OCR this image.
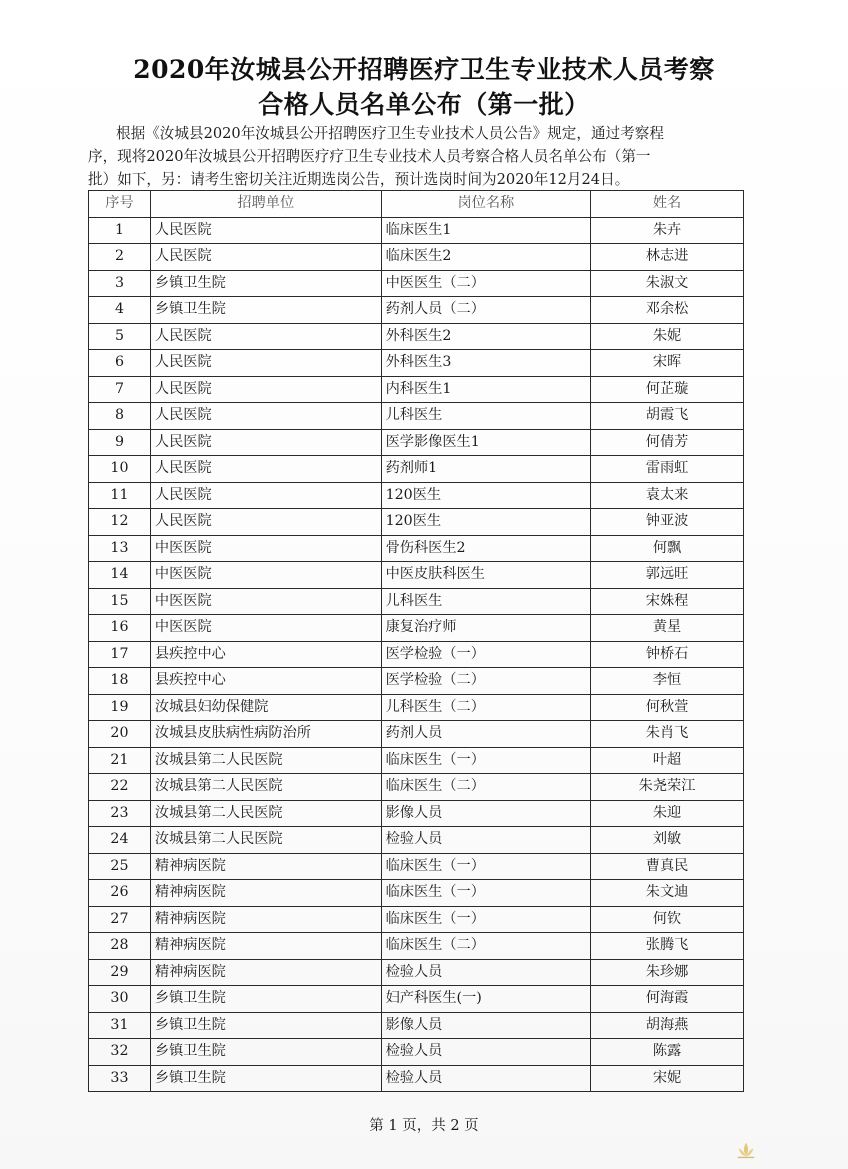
2020年汝城县公开招聘医疗卫生专业技术人员考察
合格人员名单公布（第一批）

根据《汝城县2020年汝城县公开招聘医疗卫生专业技术人员公告》规定，通过考察程

序，现将2020年汝城县公开招聘医疗疗卫生专业技术人员考察合格人员名单公布（第一

批）如下，另：请考生密切关注近期选岗公告，预计选岗时间为2020年12月24日。

序号	招聘单位	岗位名称	姓名
1	人民医院	临床医生1	朱卉
2	人民医院	临床医生2	林志进
3	乡镇卫生院	中医医生（二）	朱淑文
4	乡镇卫生院	药剂人员（二）	邓余松
5	人民医院	外科医生2	朱妮
6	人民医院	外科医生3	宋晖
7	人民医院	内科医生1	何芷璇
8	人民医院	儿科医生	胡霞飞
9	人民医院	医学影像医生1	何倩芳
10	人民医院	药剂师1	雷雨虹
11	人民医院	120医生	袁太来
12	人民医院	120医生	钟亚波
13	中医医院	骨伤科医生2	何飘
14	中医医院	中医皮肤科医生	郭远旺
15	中医医院	儿科医生	宋姝程
16	中医医院	康复治疗师	黄星
17	县疾控中心	医学检验（一）	钟桥石
18	县疾控中心	医学检验（二）	李恒
19	汝城县妇幼保健院	儿科医生（二）	何秋萱
20	汝城县皮肤病性病防治所	药剂人员	朱肖飞
21	汝城县第二人民医院	临床医生（一）	叶超
22	汝城县第二人民医院	临床医生（二）	朱尧荣江
23	汝城县第二人民医院	影像人员	朱迎
24	汝城县第二人民医院	检验人员	刘敏
25	精神病医院	临床医生（一）	曹真民
26	精神病医院	临床医生（一）	朱文迪
27	精神病医院	临床医生（一）	何钦
28	精神病医院	临床医生（二）	张腾飞
29	精神病医院	检验人员	朱珍娜
30	乡镇卫生院	妇产科医生(一)	何海霞
31	乡镇卫生院	影像人员	胡海燕
32	乡镇卫生院	检验人员	陈露
33	乡镇卫生院	检验人员	宋妮
第 1 页，共 2 页
